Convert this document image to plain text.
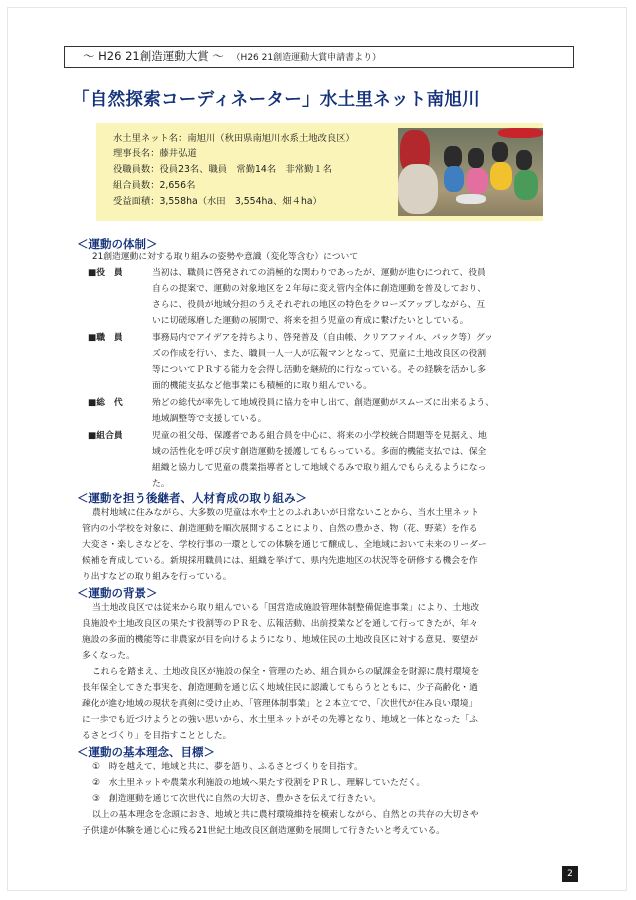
～ H26 21創造運動大賞 ～ （H26 21創造運動大賞申請書より）
「自然探索コーディネーター」水土里ネット南旭川
水土里ネット名：南旭川（秋田県南旭川水系土地改良区）
理事長名：藤井弘道
役職員数：役員23名、職員　常勤14名　非常勤１名
組合員数：2,656名
受益面積：3,558ha（水田　3,554ha、畑４ha）
＜運動の体制＞
21創造運動に対する取り組みの姿勢や意識（変化等含む）について
■役　員	当初は、職員に啓発されての消極的な関わりであったが、運動が進むにつれて、役員
自らの提案で、運動の対象地区を２年毎に変え管内全体に創造運動を普及しており、
さらに、役員が地域分担のうえそれぞれの地区の特色をクローズアップしながら、互
いに切磋琢磨した運動の展開で、将来を担う児童の育成に繋げたいとしている。
■職　員	事務局内でアイデアを持ちより、啓発普及（自由帳、クリアファイル、パック等）グッ
ズの作成を行い、また、職員一人一人が広報マンとなって、児童に土地改良区の役割
等についてＰＲする能力を会得し活動を継続的に行なっている。その経験を活かし多
面的機能支払など他事業にも積極的に取り組んでいる。
■総　代	殆どの総代が率先して地域役員に協力を申し出て、創造運動がスムーズに出来るよう、
地域調整等で支援している。
■組合員	児童の祖父母、保護者である組合員を中心に、将来の小学校統合問題等を見据え、地
域の活性化を呼び戻す創造運動を援護してもらっている。多面的機能支払では、保全
組織と協力して児童の農業指導者として地域ぐるみで取り組んでもらえるようになっ
た。
＜運動を担う後継者、人材育成の取り組み＞
農村地域に住みながら、大多数の児童は水や土とのふれあいが日常ないことから、当水土里ネット
管内の小学校を対象に、創造運動を順次展開することにより、自然の豊かさ、物（花、野菜）を作る
大変さ・楽しさなどを、学校行事の一環としての体験を通じて醸成し、全地域において未来のリーダー
候補を育成している。新規採用職員には、組織を挙げて、県内先進地区の状況等を研修する機会を作
り出すなどの取り組みを行っている。
＜運動の背景＞
当土地改良区では従来から取り組んでいる「国営造成施設管理体制整備促進事業」により、土地改
良施設や土地改良区の果たす役割等のＰＲを、広報活動、出前授業などを通して行ってきたが、年々
施設の多面的機能等に非農家が目を向けるようになり、地域住民の土地改良区に対する意見、要望が
多くなった。
これらを踏まえ、土地改良区が施設の保全・管理のため、組合員からの賦課金を財源に農村環境を
長年保全してきた事実を、創造運動を通じ広く地域住民に認識してもらうとともに、少子高齢化・過
疎化が進む地域の現状を真剣に受け止め、「管理体制事業」と２本立てで、「次世代が住み良い環境」
に一歩でも近づけようとの強い思いから、水土里ネットがその先導となり、地域と一体となった「ふ
るさとづくり」を目指すこととした。
＜運動の基本理念、目標＞
①　時を越えて、地域と共に、夢を語り、ふるさとづくりを目指す。
②　水土里ネットや農業水利施設の地域へ果たす役割をＰＲし、理解していただく。
③　創造運動を通じて次世代に自然の大切さ、豊かさを伝えて行きたい。
以上の基本理念を念頭におき、地域と共に農村環境維持を模索しながら、自然との共存の大切さや
子供達が体験を通じ心に残る21世紀土地改良区創造運動を展開して行きたいと考えている。
2
